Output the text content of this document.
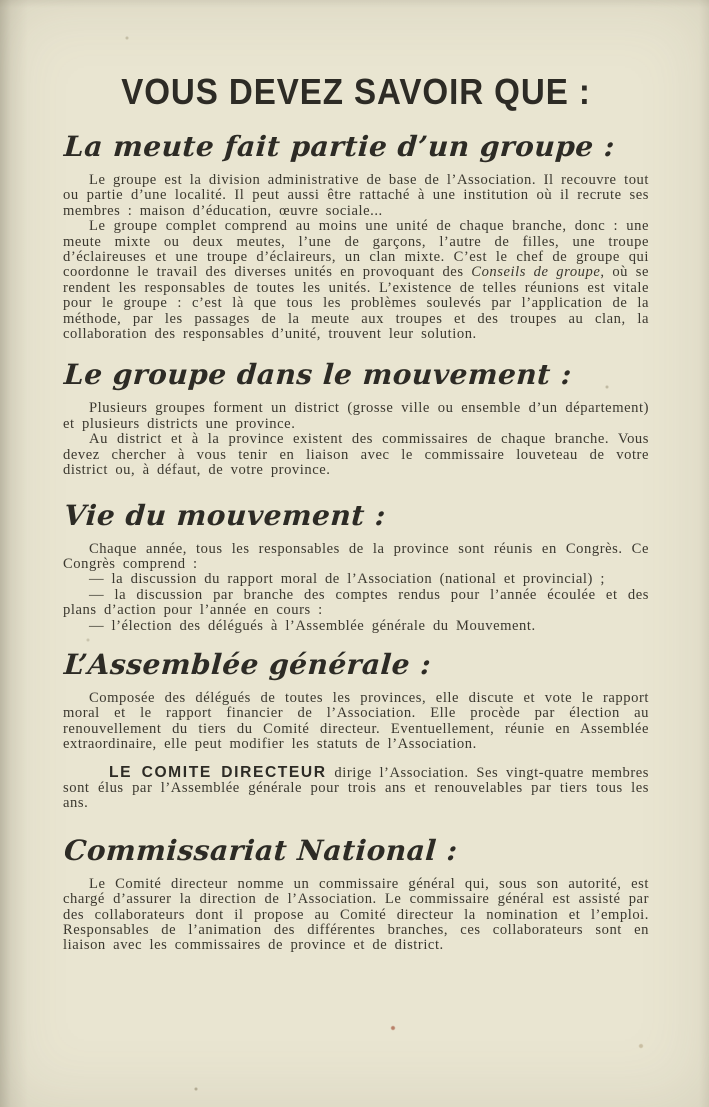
VOUS DEVEZ SAVOIR QUE :
La meute fait partie d’un groupe :

Le groupe est la division administrative de base de l’Association. Il recouvre tout ou partie d’une localité. Il peut aussi être rattaché à une institution où il recrute ses membres : maison d’éducation, œuvre sociale...

Le groupe complet comprend au moins une unité de chaque branche, donc : une meute mixte ou deux meutes, l’une de garçons, l’autre de filles, une troupe d’éclaireuses et une troupe d’éclaireurs, un clan mixte. C’est le chef de groupe qui coordonne le travail des diverses unités en provoquant des Conseils de groupe, où se rendent les responsables de toutes les unités. L’existence de telles réunions est vitale pour le groupe : c’est là que tous les problèmes soulevés par l’application de la méthode, par les passages de la meute aux troupes et des troupes au clan, la collaboration des responsables d’unité, trouvent leur solution.

Le groupe dans le mouvement :

Plusieurs groupes forment un district (grosse ville ou ensemble d’un département) et plusieurs districts une province.

Au district et à la province existent des commissaires de chaque branche. Vous devez chercher à vous tenir en liaison avec le commissaire louveteau de votre district ou, à défaut, de votre province.

Vie du mouvement :

Chaque année, tous les responsables de la province sont réunis en Congrès. Ce Congrès comprend :

— la discussion du rapport moral de l’Association (national et provincial) ;

— la discussion par branche des comptes rendus pour l’année écoulée et des plans d’action pour l’année en cours :

— l’élection des délégués à l’Assemblée générale du Mouvement.

L’Assemblée générale :

Composée des délégués de toutes les provinces, elle discute et vote le rapport moral et le rapport financier de l’Association. Elle procède par élection au renouvellement du tiers du Comité directeur. Eventuellement, réunie en Assemblée extraordinaire, elle peut modifier les statuts de l’Association.

LE COMITE DIRECTEUR dirige l’Association. Ses vingt-quatre membres sont élus par l’Assemblée générale pour trois ans et renouvelables par tiers tous les ans.

Commissariat National :

Le Comité directeur nomme un commissaire général qui, sous son autorité, est chargé d’assurer la direction de l’Association. Le commissaire général est assisté par des collaborateurs dont il propose au Comité directeur la nomination et l’emploi. Responsables de l’animation des différentes branches, ces collaborateurs sont en liaison avec les commissaires de province et de district.
